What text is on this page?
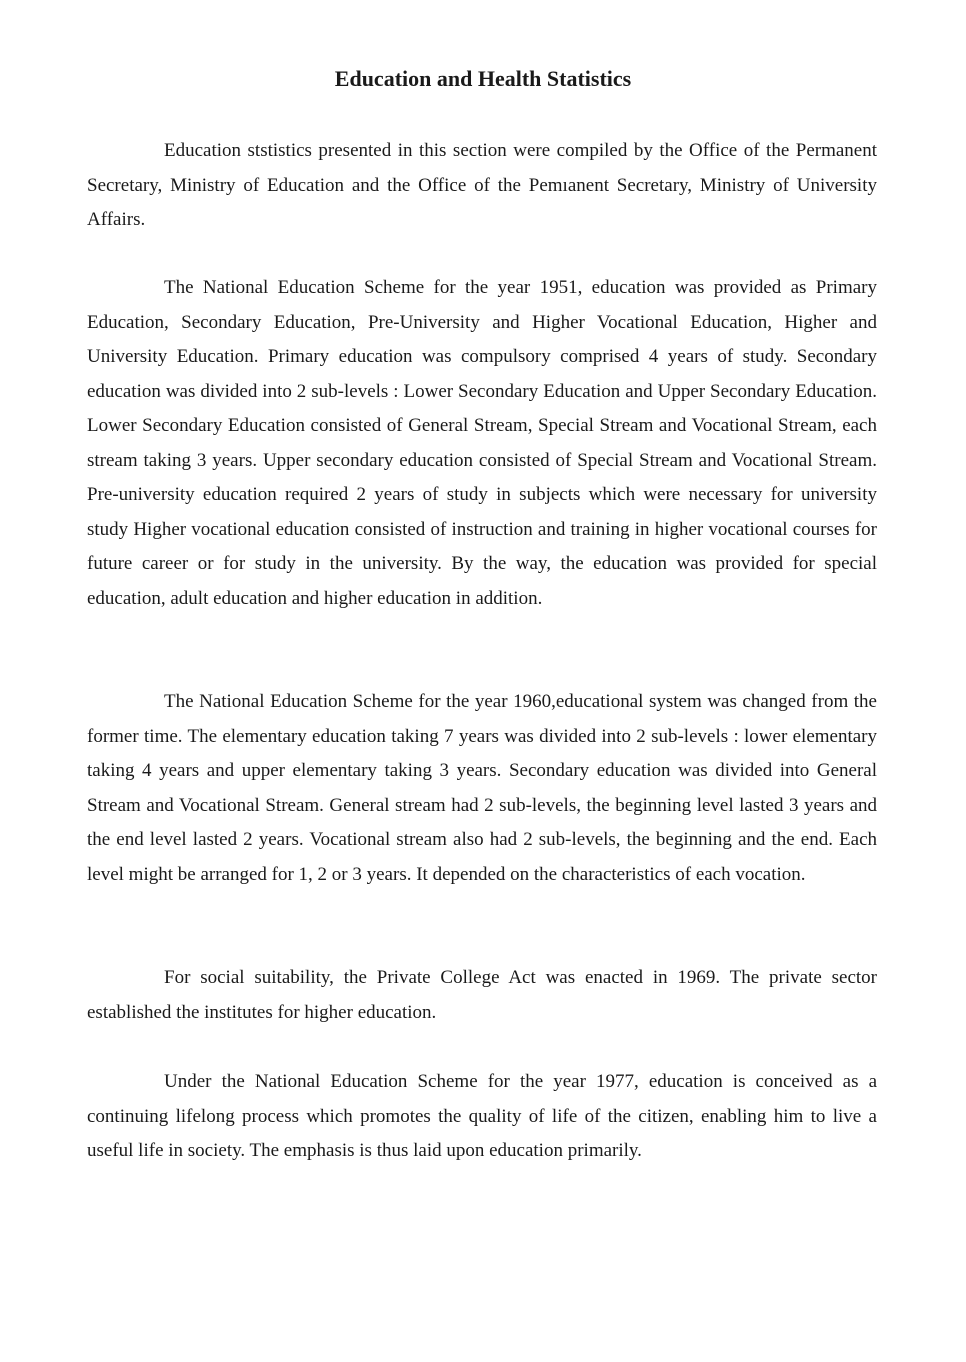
Education and Health Statistics

Education ststistics presented in this section were compiled by the Office of the Permanent Secretary, Ministry of Education and the Office of the Pemıanent Secretary, Ministry of University Affairs.

The National Education Scheme for the year 1951, education was provided as Primary Education, Secondary Education, Pre-University and Higher Vocational Education, Higher and University Education. Primary education was compulsory comprised 4 years of study. Secondary education was divided into 2 sub-levels : Lower Secondary Education and Upper Secondary Education. Lower Secondary Education consisted of General Stream, Special Stream and Vocational Stream, each stream taking 3 years. Upper secondary education consisted of Special Stream and Vocational Stream. Pre-university education required 2 years of study in subjects which were necessary for university study Higher vocational education consisted of instruction and training in higher vocational courses for future career or for study in the university. By the way, the education was provided for special education, adult education and higher education in addition.

The National Education Scheme for the year 1960,educational system was changed from the former time. The elementary education taking 7 years was divided into 2 sub-levels : lower elementary taking 4 years and upper elementary taking 3 years. Secondary education was divided into General Stream and Vocational Stream. General stream had 2 sub-levels, the beginning level lasted 3 years and the end level lasted 2 years. Vocational stream also had 2 sub-levels, the beginning and the end. Each level might be arranged for 1, 2 or 3 years. It depended on the characteristics of each vocation.

For social suitability, the Private College Act was enacted in 1969. The private sector established the institutes for higher education.

Under the National Education Scheme for the year 1977, education is conceived as a continuing lifelong process which promotes the quality of life of the citizen, enabling him to live a useful life in society. The emphasis is thus laid upon education primarily.
